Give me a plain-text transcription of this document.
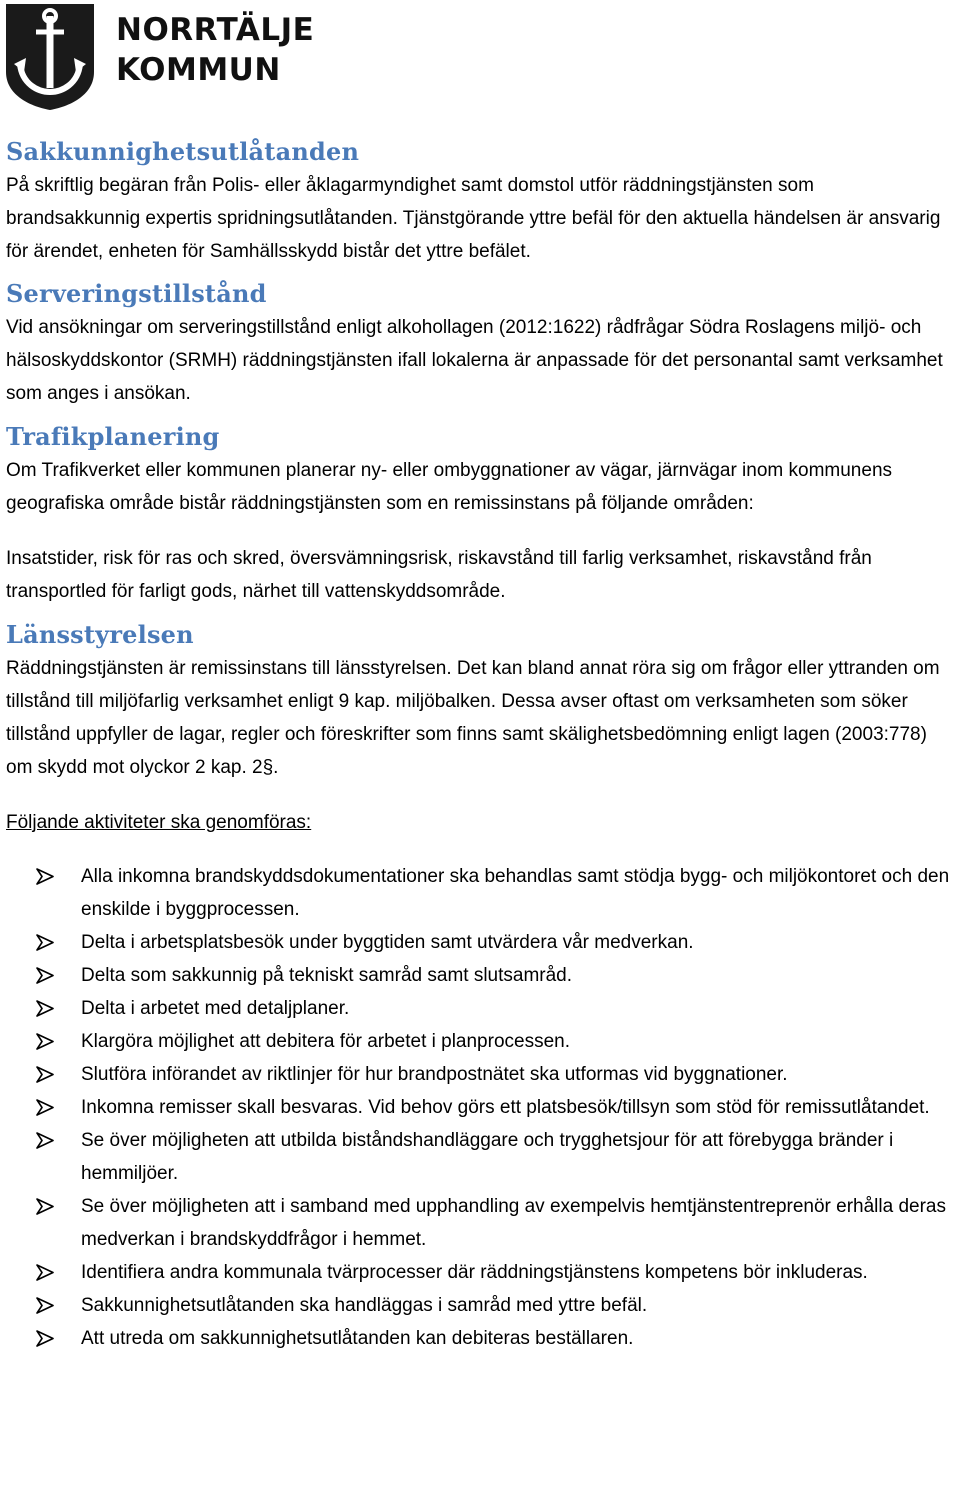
NORRTÄLJE
KOMMUN
Sakkunnighetsutlåtanden

På skriftlig begäran från Polis- eller åklagarmyndighet samt domstol utför räddningstjänsten som brandsakkunnig expertis spridningsutlåtanden. Tjänstgörande yttre befäl för den aktuella händelsen är ansvarig för ärendet, enheten för Samhällsskydd bistår det yttre befälet.

Serveringstillstånd

Vid ansökningar om serveringstillstånd enligt alkohollagen (2012:1622) rådfrågar Södra Roslagens miljö- och hälsoskyddskontor (SRMH) räddningstjänsten ifall lokalerna är anpassade för det personantal samt verksamhet som anges i ansökan.

Trafikplanering

Om Trafikverket eller kommunen planerar ny- eller ombyggnationer av vägar, järnvägar inom kommunens geografiska område bistår räddningstjänsten som en remissinstans på följande områden:

Insatstider, risk för ras och skred, översvämningsrisk, riskavstånd till farlig verksamhet, riskavstånd från transportled för farligt gods, närhet till vattenskyddsområde.

Länsstyrelsen

Räddningstjänsten är remissinstans till länsstyrelsen. Det kan bland annat röra sig om frågor eller yttranden om tillstånd till miljöfarlig verksamhet enligt 9 kap. miljöbalken. Dessa avser oftast om verksamheten som söker tillstånd uppfyller de lagar, regler och föreskrifter som finns samt skälighetsbedömning enligt lagen (2003:778) om skydd mot olyckor 2 kap. 2§.

Följande aktiviteter ska genomföras:
Alla inkomna brandskyddsdokumentationer ska behandlas samt stödja bygg- och miljökontoret och den enskilde i byggprocessen.
Delta i arbetsplatsbesök under byggtiden samt utvärdera vår medverkan.
Delta som sakkunnig på tekniskt samråd samt slutsamråd.
Delta i arbetet med detaljplaner.
Klargöra möjlighet att debitera för arbetet i planprocessen.
Slutföra införandet av riktlinjer för hur brandpostnätet ska utformas vid byggnationer.
Inkomna remisser skall besvaras. Vid behov görs ett platsbesök/tillsyn som stöd för remissutlåtandet.
Se över möjligheten att utbilda biståndshandläggare och trygghetsjour för att förebygga bränder i hemmiljöer.
Se över möjligheten att i samband med upphandling av exempelvis hemtjänstentreprenör erhålla deras medverkan i brandskyddfrågor i hemmet.
Identifiera andra kommunala tvärprocesser där räddningstjänstens kompetens bör inkluderas.
Sakkunnighetsutlåtanden ska handläggas i samråd med yttre befäl.
Att utreda om sakkunnighetsutlåtanden kan debiteras beställaren.
